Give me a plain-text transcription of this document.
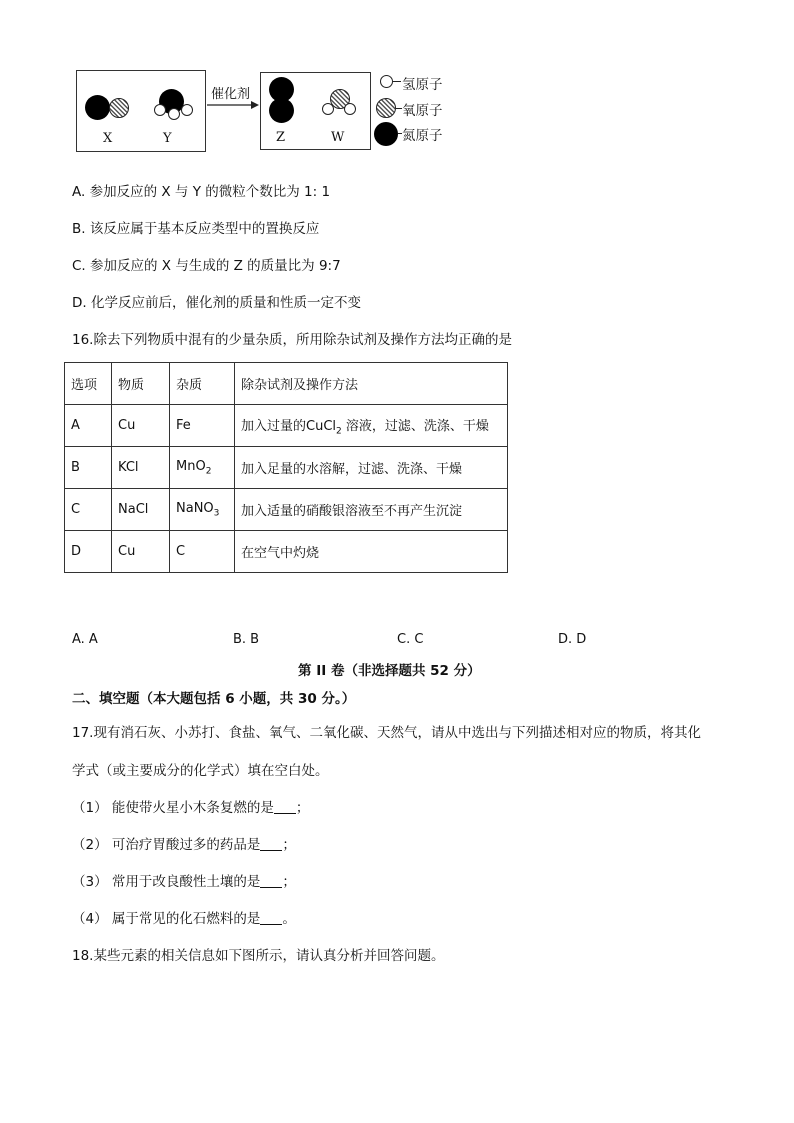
X	Y
催化剂
Z	W
氢原子
氧原子
氮原子
A. 参加反应的 X 与 Y 的微粒个数比为 1: 1
B. 该反应属于基本反应类型中的置换反应
C. 参加反应的 X 与生成的 Z 的质量比为 9:7
D. 化学反应前后，催化剂的质量和性质一定不变
16.除去下列物质中混有的少量杂质，所用除杂试剂及操作方法均正确的是
选项	物质	杂质	除杂试剂及操作方法
A	Cu	Fe	加入过量的CuCl$_2$ 溶液，过滤、洗涤、干燥
B	KCl	MnO$_2$	加入足量的水溶解，过滤、洗涤、干燥
C	NaCl	NaNO$_3$	加入适量的硝酸银溶液至不再产生沉淀
D	Cu	C	在空气中灼烧
A. A	B. B	C. C	D. D
第 II 卷（非选择题共 52 分）
二、填空题（本大题包括 6 小题，共 30 分。）
17.现有消石灰、小苏打、食盐、氧气、二氧化碳、天然气，请从中选出与下列描述相对应的物质，将其化
学式（或主要成分的化学式）填在空白处。
（1） 能使带火星小木条复燃的是 ；
（2） 可治疗胃酸过多的药品是 ；
（3） 常用于改良酸性土壤的是 ；
（4） 属于常见的化石燃料的是 。
18.某些元素的相关信息如下图所示，请认真分析并回答问题。
